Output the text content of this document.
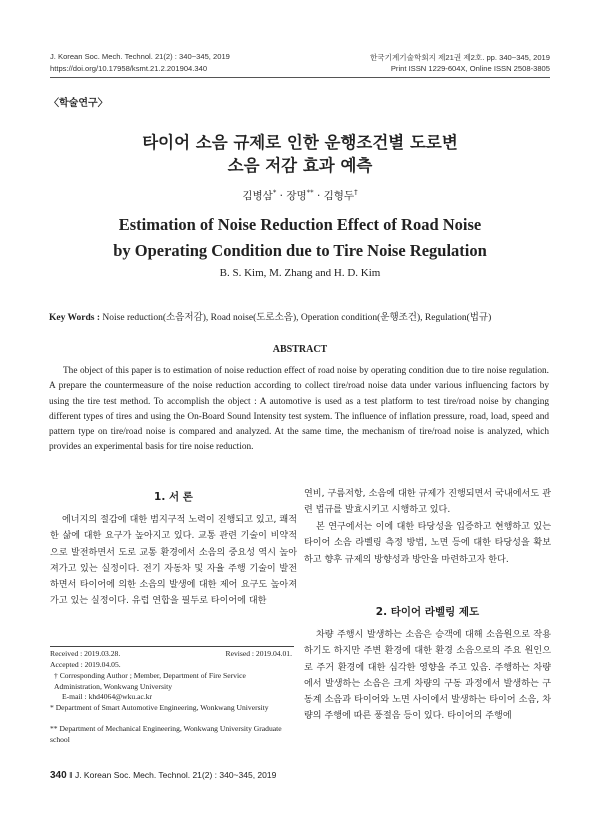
J. Korean Soc. Mech. Technol. 21(2) : 340~345, 2019
https://doi.org/10.17958/ksmt.21.2.201904.340
한국기계기술학회지 제21권 제2호. pp. 340~345, 2019
Print ISSN 1229-604X, Online ISSN 2508-3805
〈학술연구〉
타이어 소음 규제로 인한 운행조건별 도로변
소음 저감 효과 예측
김병삼* · 장명** · 김형두†
Estimation of Noise Reduction Effect of Road Noise
by Operating Condition due to Tire Noise Regulation
B. S. Kim, M. Zhang and H. D. Kim
Key Words : Noise reduction(소음저감), Road noise(도로소음), Operation condition(운행조건), Regulation(법규)
ABSTRACT

The object of this paper is to estimation of noise reduction effect of road noise by operating condition due to tire noise regulation. A prepare the countermeasure of the noise reduction according to collect tire/road noise data under various influencing factors by using the tire test method. To accomplish the object : A automotive is used as a test platform to test tire/road noise by changing different types of tires and using the On-Board Sound Intensity test system. The influence of inflation pressure, road, load, speed and pattern type on tire/road noise is compared and analyzed. At the same time, the mechanism of tire/road noise is analyzed, which provides an experimental basis for tire noise reduction.

1. 서 론

에너지의 절감에 대한 범지구적 노력이 진행되고 있고, 쾌적한 삶에 대한 요구가 높아지고 있다. 교통 관련 기술이 비약적으로 발전하면서 도로 교통 환경에서 소음의 중요성 역시 높아져가고 있는 실정이다. 전기 자동차 및 자율 주행 기술이 발전하면서 타이어에 의한 소음의 발생에 대한 제어 요구도 높아져가고 있는 실정이다. 유럽 연합을 필두로 타이어에 대한

Received : 2019.03.28.	Revised : 2019.04.01.
Accepted : 2019.04.05.
† Corresponding Author ; Member, Department of Fire Service Administration, Wonkwang University
E-mail : khd4064@wku.ac.kr
* Department of Smart Automotive Engineering, Wonkwang University
** Department of Mechanical Engineering, Wonkwang University Graduate school

연비, 구름저항, 소음에 대한 규제가 진행되면서 국내에서도 관련 법규를 발효시키고 시행하고 있다.

본 연구에서는 이에 대한 타당성을 입증하고 현행하고 있는 타이어 소음 라벨링 측정 방법, 노면 등에 대한 타당성을 확보하고 향후 규제의 방향성과 방안을 마련하고자 한다.

2. 타이어 라벨링 제도

차량 주행시 발생하는 소음은 승객에 대해 소음원으로 작용하기도 하지만 주변 환경에 대한 환경 소음으로의 주요 원인으로 주거 환경에 대한 심각한 영향을 주고 있음. 주행하는 차량에서 발생하는 소음은 크게 차량의 구동 과정에서 발생하는 구동계 소음과 타이어와 노면 사이에서 발생하는 타이어 소음, 차량의 주행에 따른 풍절음 등이 있다. 타이어의 주행에

340 ‖ J. Korean Soc. Mech. Technol. 21(2) : 340~345, 2019
